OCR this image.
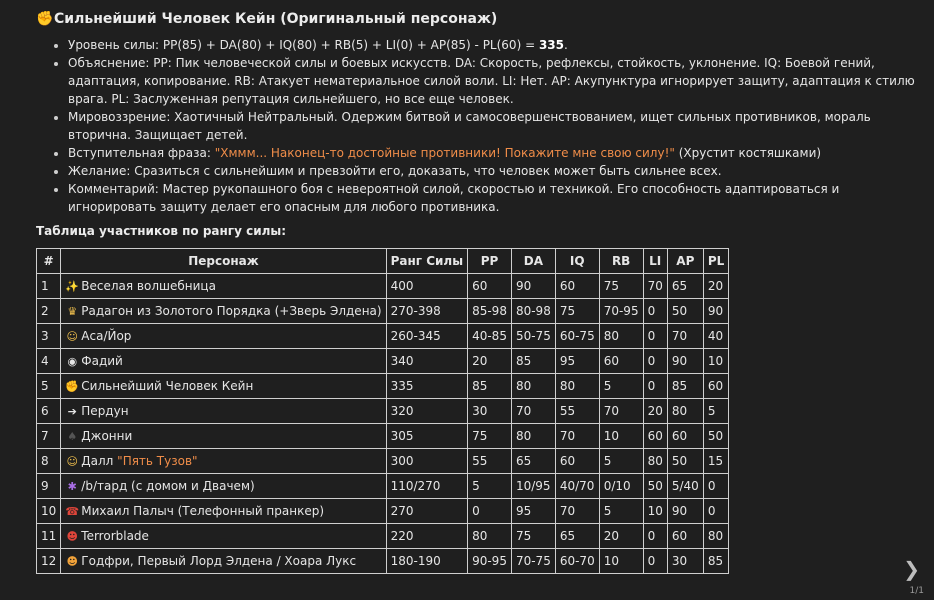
✊ Сильнейший Человек Кейн (Оригинальный персонаж)
• Уровень силы: PP(85) + DA(80) + IQ(80) + RB(5) + LI(0) + AP(85) - PL(60) = 335.
• Объяснение: PP: Пик человеческой силы и боевых искусств. DA: Скорость, рефлексы, стойкость, уклонение. IQ: Боевой гений, адаптация, копирование. RB: Атакует нематериальное силой воли. LI: Нет. AP: Акупунктура игнорирует защиту, адаптация к стилю врага. PL: Заслуженная репутация сильнейшего, но все еще человек.
• Мировоззрение: Хаотичный Нейтральный. Одержим битвой и самосовершенствованием, ищет сильных противников, мораль вторична. Защищает детей.
• Вступительная фраза: "Хммм... Наконец-то достойные противники! Покажите мне свою силу!" (Хрустит костяшками)
• Желание: Сразиться с сильнейшим и превзойти его, доказать, что человек может быть сильнее всех.
• Комментарий: Мастер рукопашного боя с невероятной силой, скоростью и техникой. Его способность адаптироваться и игнорировать защиту делает его опасным для любого противника.
Таблица участников по рангу силы:
#	Персонаж	Ранг Силы	PP	DA	IQ	RB	LI	AP	PL
1	✨ Веселая волшебница	400	60	90	60	75	70	65	20
2	♛ Радагон из Золотого Порядка (+Зверь Элдена)	270-398	85-98	80-98	75	70-95	0	50	90
3	☺ Аса/Йор	260-345	40-85	50-75	60-75	80	0	70	40
4	◉ Фадий	340	20	85	95	60	0	90	10
5	✊ Сильнейший Человек Кейн	335	85	80	80	5	0	85	60
6	➔ Пердун	320	30	70	55	70	20	80	5
7	♠ Джонни	305	75	80	70	10	60	60	50
8	☺ Далл "Пять Тузов"	300	55	65	60	5	80	50	15
9	✱ /b/тард (с домом и Двачем)	110/270	5	10/95	40/70	0/10	50	5/40	0
10	☎ Михаил Палыч (Телефонный пранкер)	270	0	95	70	5	10	90	0
11	☻ Terrorblade	220	80	75	65	20	0	60	80
12	☻ Годфри, Первый Лорд Элдена / Хоара Лукс	180-190	90-95	70-75	60-70	10	0	30	85	❯
1/1
